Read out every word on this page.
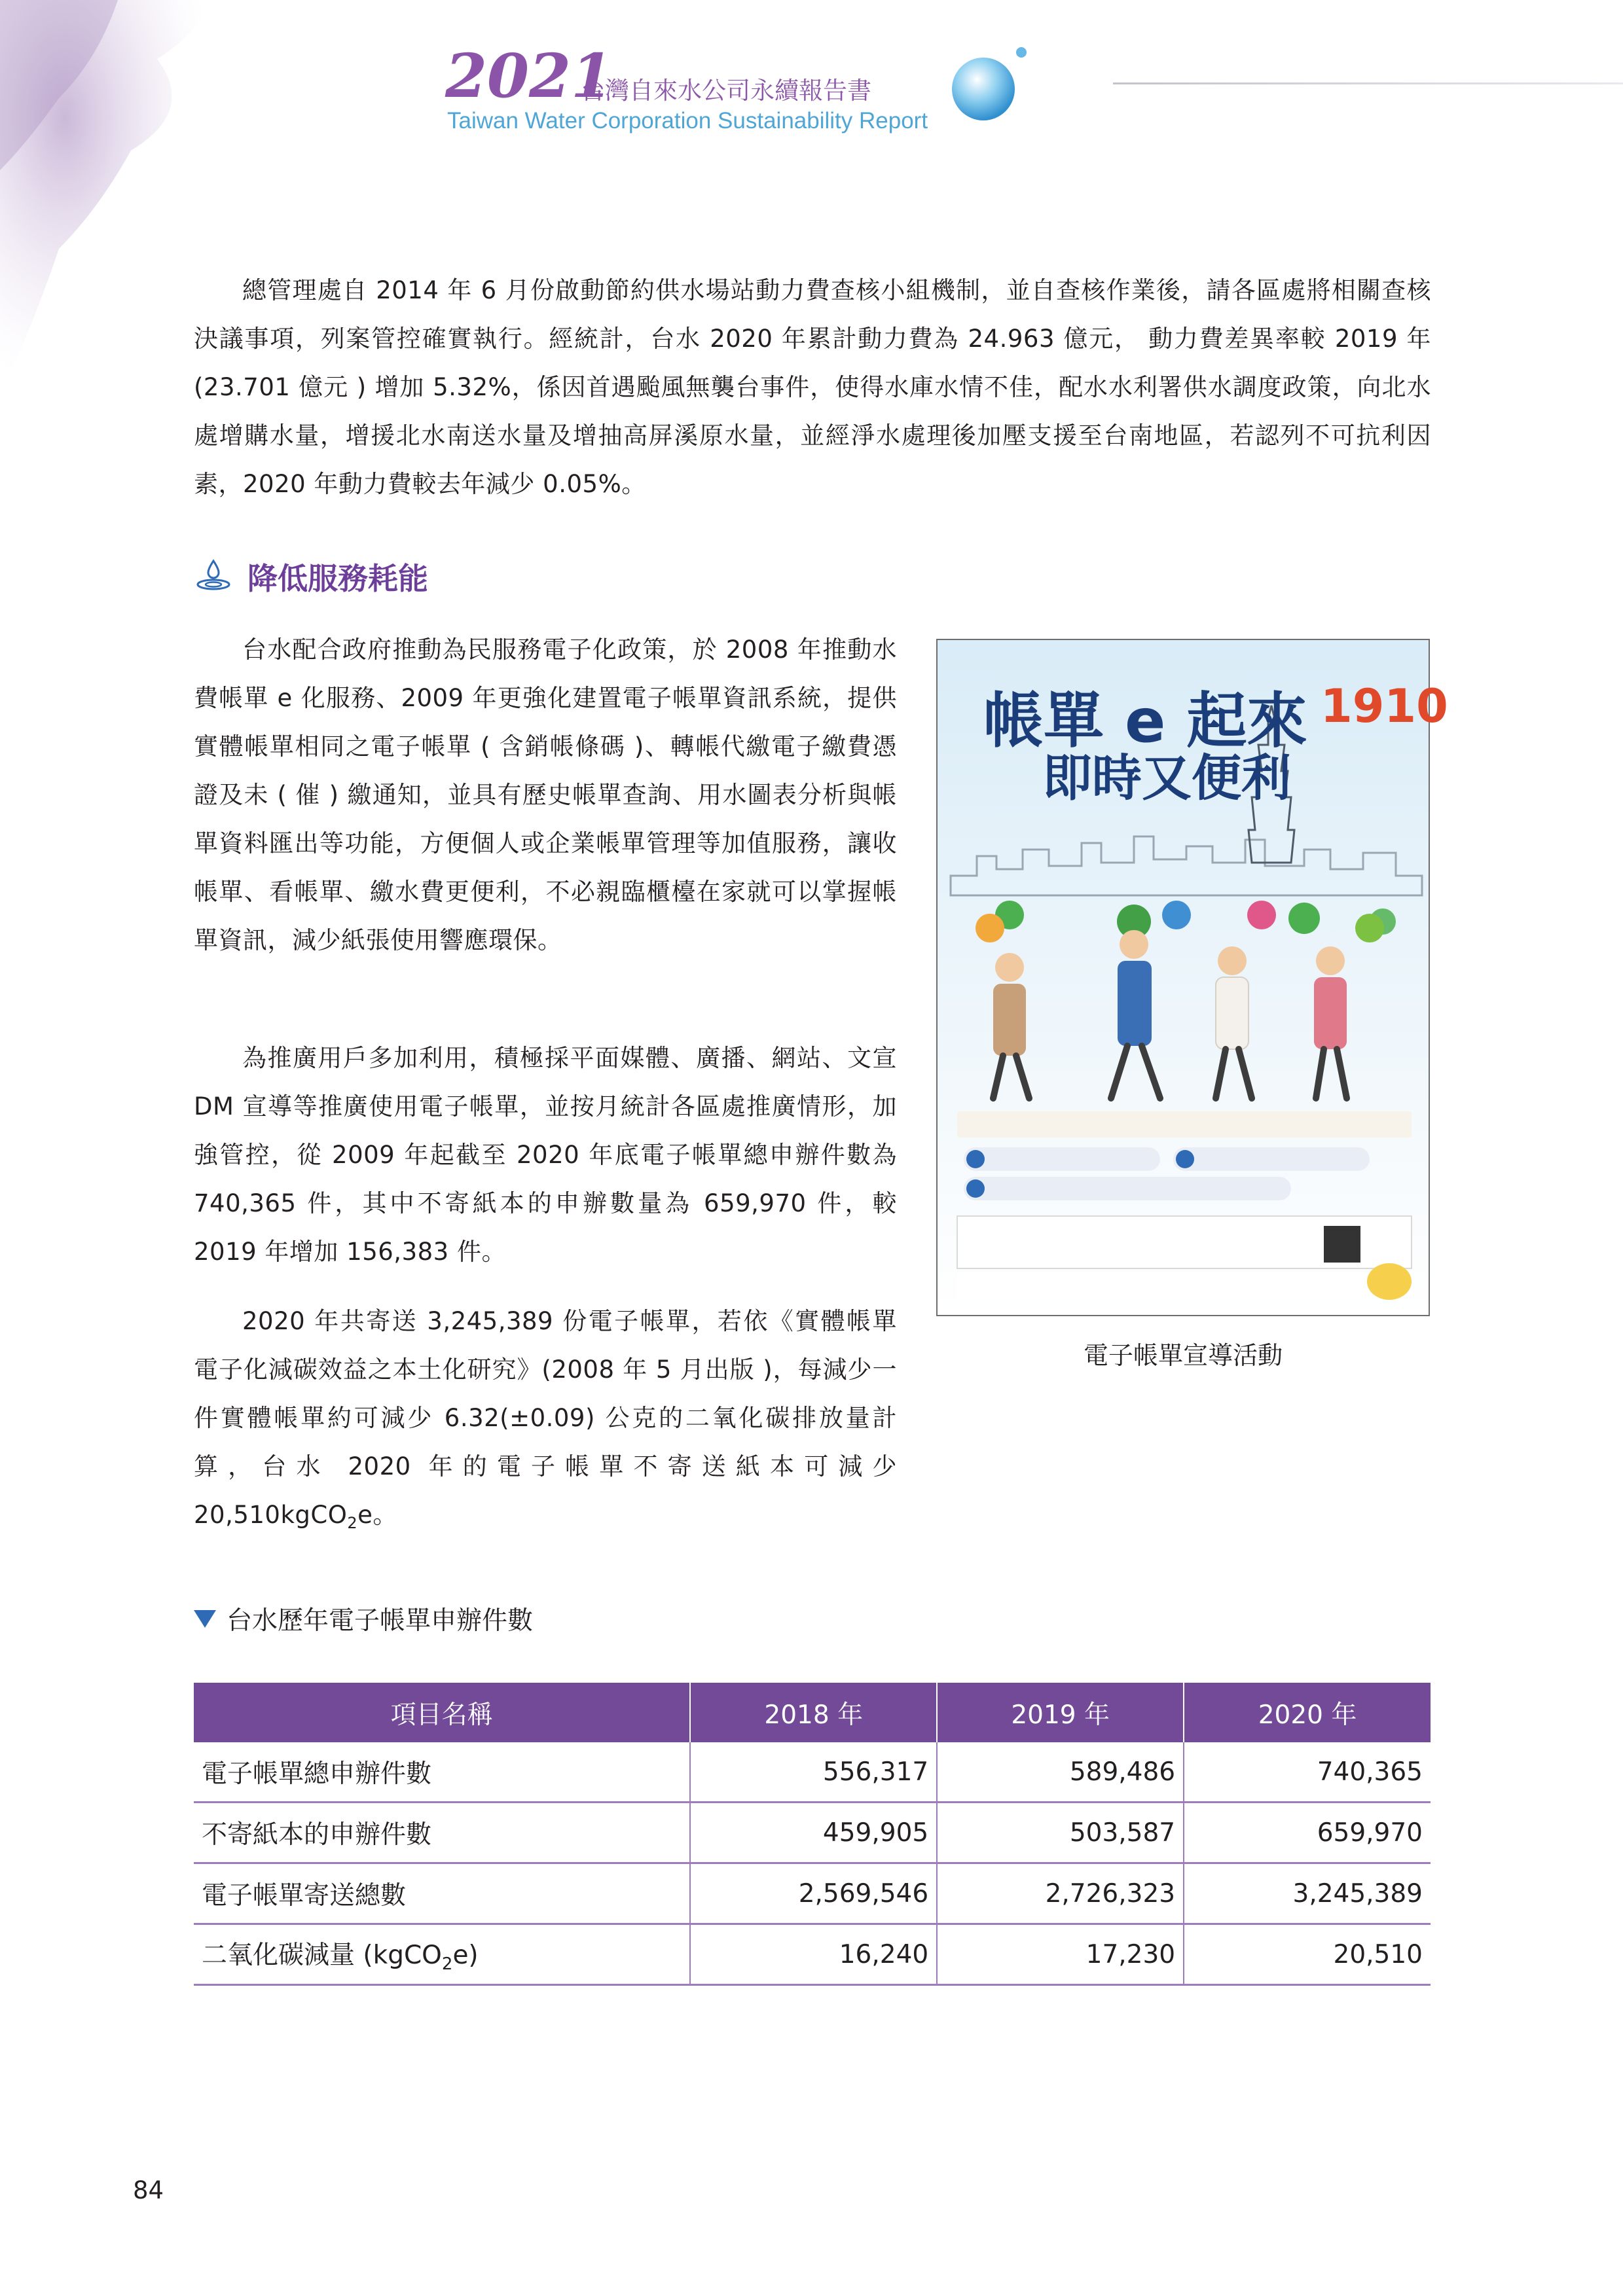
2021
台灣自來水公司永續報告書
Taiwan Water Corporation Sustainability Report
總管理處自 2014 年 6 月份啟動節約供水場站動力費查核小組機制，並自查核作業後，請各區處將相關查核決議事項，列案管控確實執行。經統計，台水 2020 年累計動力費為 24.963 億元， 動力費差異率較 2019 年 (23.701 億元 ) 增加 5.32%，係因首遇颱風無襲台事件，使得水庫水情不佳，配水水利署供水調度政策，向北水處增購水量，增援北水南送水量及增抽高屏溪原水量，並經淨水處理後加壓支援至台南地區，若認列不可抗利因素，2020 年動力費較去年減少 0.05%。
降低服務耗能
台水配合政府推動為民服務電子化政策，於 2008 年推動水費帳單 e 化服務、2009 年更強化建置電子帳單資訊系統，提供實體帳單相同之電子帳單 ( 含銷帳條碼 )、轉帳代繳電子繳費憑證及未 ( 催 ) 繳通知，並具有歷史帳單查詢、用水圖表分析與帳單資料匯出等功能，方便個人或企業帳單管理等加值服務，讓收帳單、看帳單、繳水費更便利，不必親臨櫃檯在家就可以掌握帳單資訊，減少紙張使用響應環保。
為推廣用戶多加利用，積極採平面媒體、廣播、網站、文宣 DM 宣導等推廣使用電子帳單，並按月統計各區處推廣情形，加強管控，從 2009 年起截至 2020 年底電子帳單總申辦件數為 740,365 件，其中不寄紙本的申辦數量為 659,970 件，較 2019 年增加 156,383 件。
2020 年共寄送 3,245,389 份電子帳單，若依《實體帳單電子化減碳效益之本土化研究》(2008 年 5 月出版 )，每減少一件實體帳單約可減少 6.32(±0.09) 公克的二氧化碳排放量計算，台水 2020 年的電子帳單不寄送紙本可減少 20,510kgCO$_2$e。
帳單 e 起來
即時又便利
1910
電子帳單宣導活動
台水歷年電子帳單申辦件數
項目名稱	2018 年	2019 年	2020 年
電子帳單總申辦件數	556,317	589,486	740,365
不寄紙本的申辦件數	459,905	503,587	659,970
電子帳單寄送總數	2,569,546	2,726,323	3,245,389
二氧化碳減量 (kgCO$_2$e)	16,240	17,230	20,510
84
